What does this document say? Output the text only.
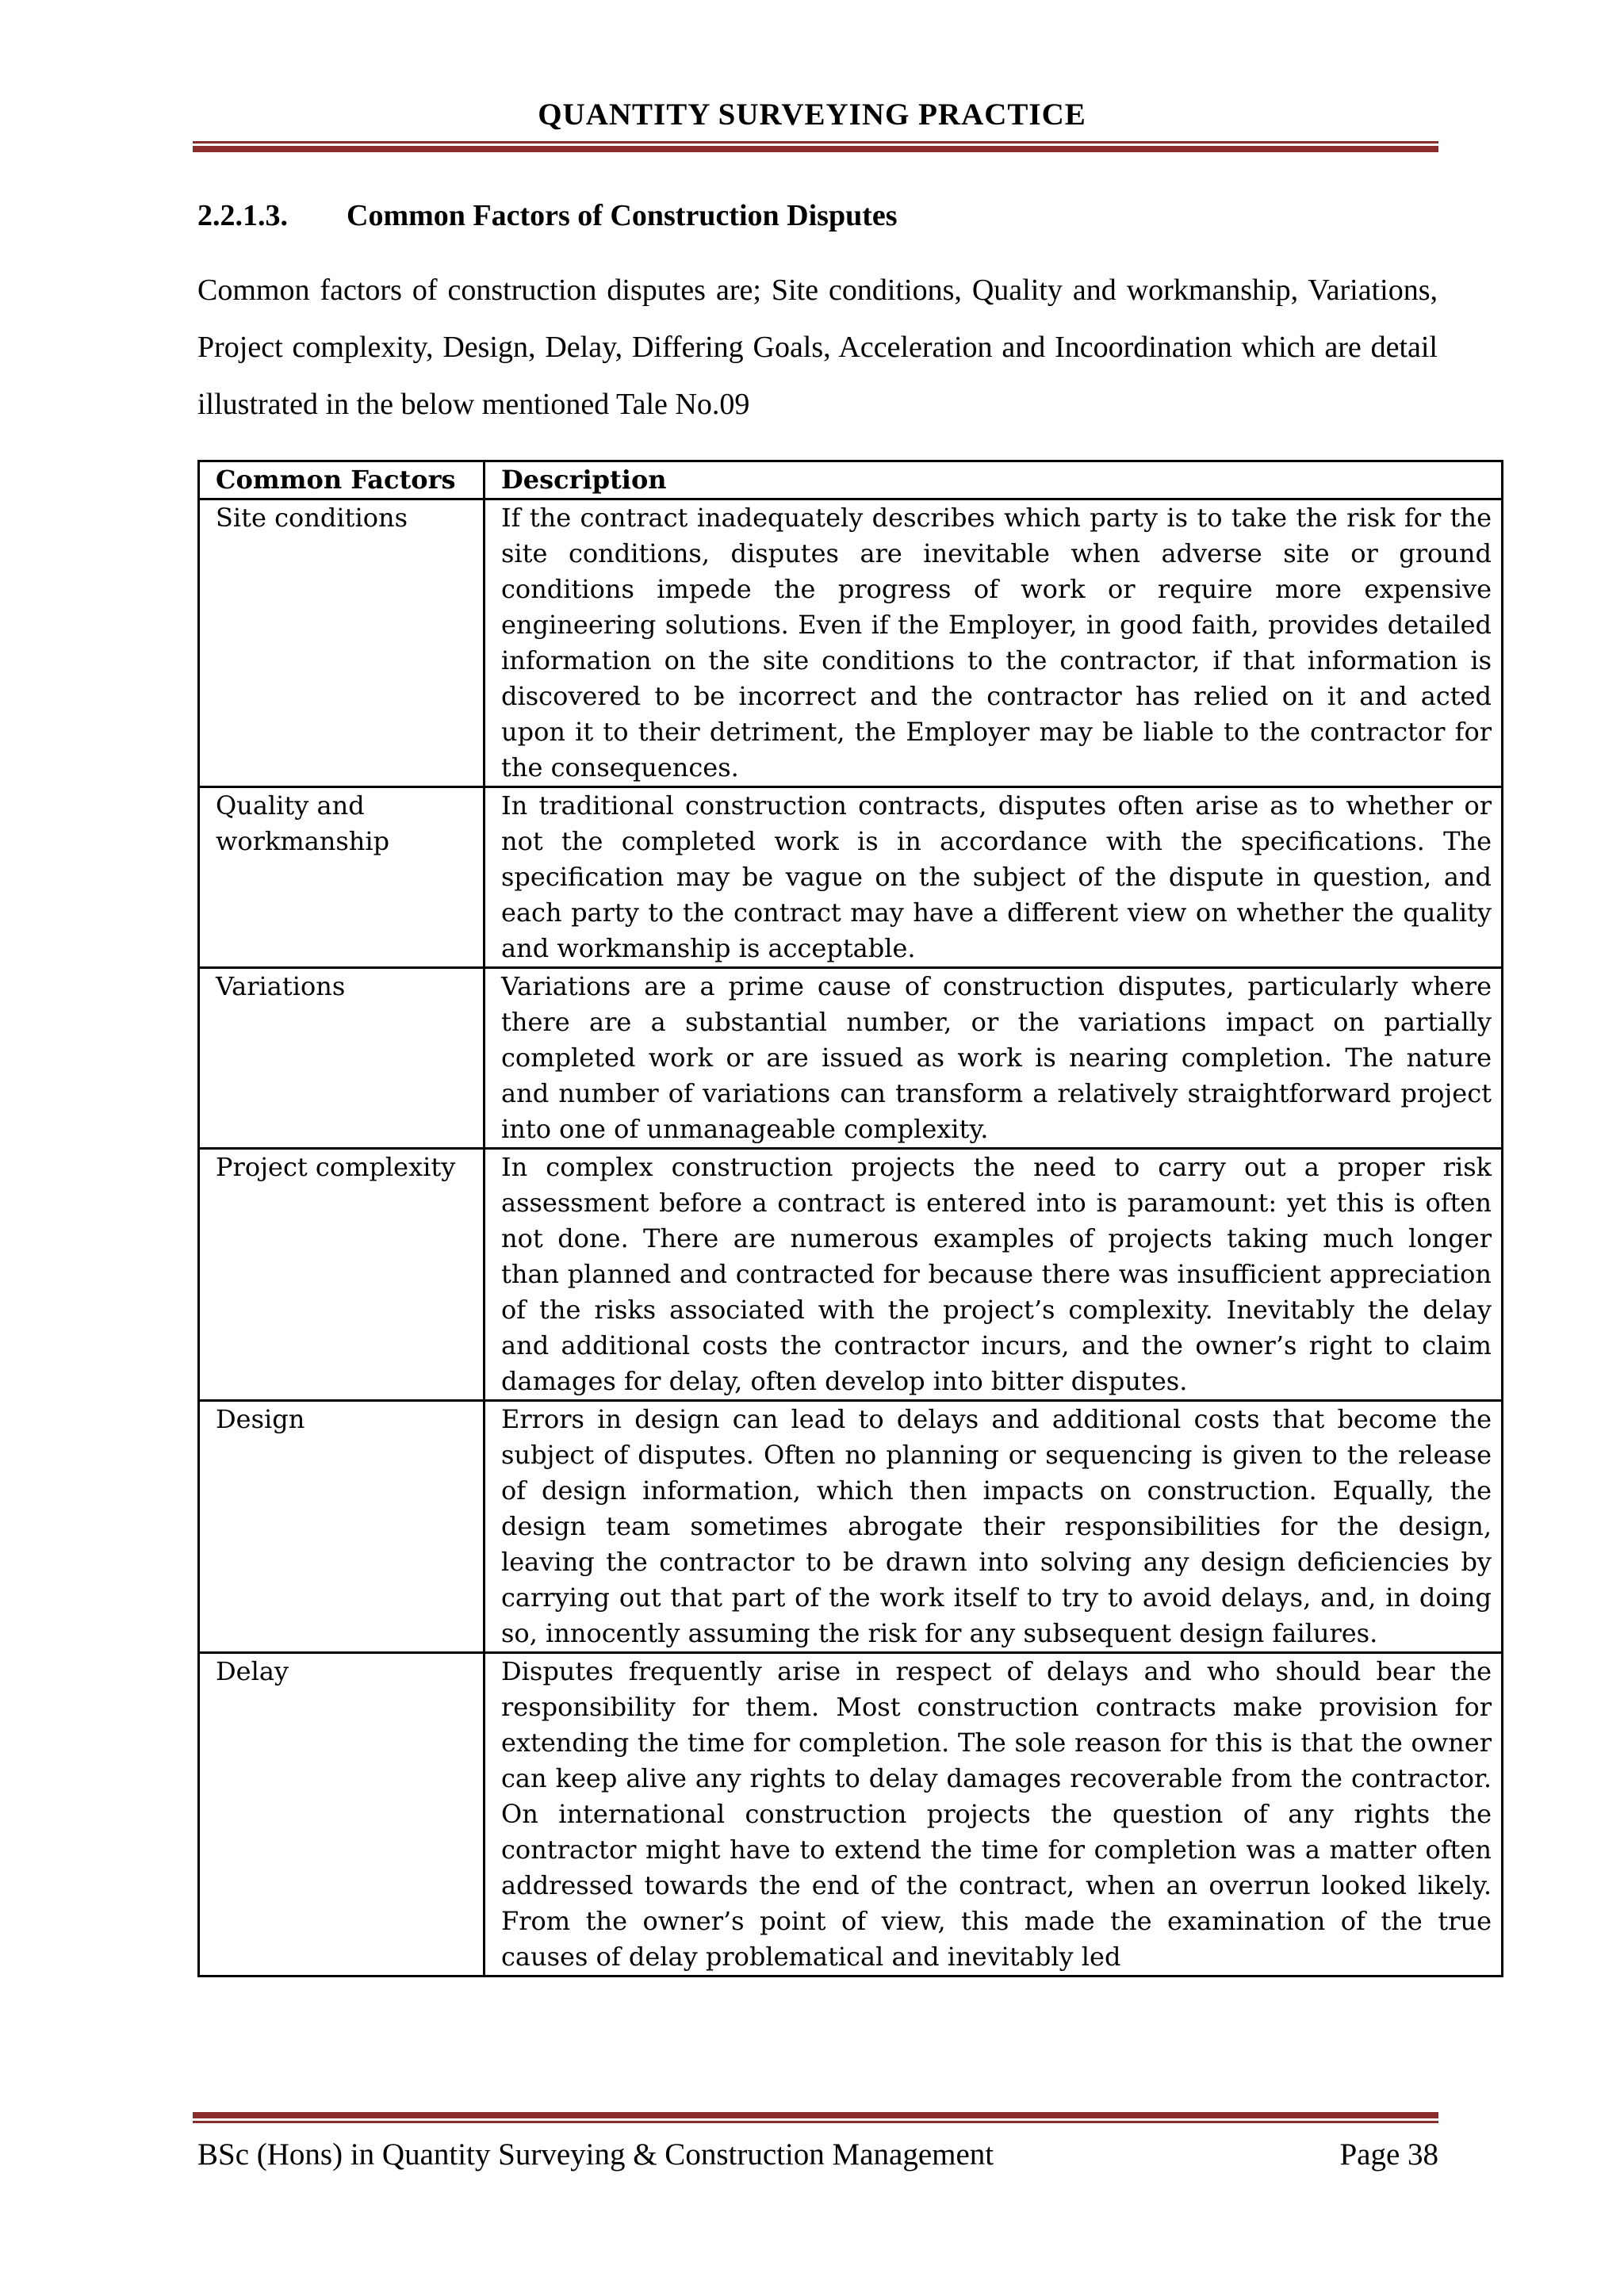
QUANTITY SURVEYING PRACTICE
2.2.1.3. Common Factors of Construction Disputes
Common factors of construction disputes are; Site conditions, Quality and workmanship, Variations, Project complexity, Design, Delay, Differing Goals, Acceleration and Incoordination which are detail illustrated in the below mentioned Tale No.09
Common Factors	Description
Site conditions	If the contract inadequately describes which party is to take the risk for the site conditions, disputes are inevitable when adverse site or ground conditions impede the progress of work or require more expensive engineering solutions. Even if the Employer, in good faith, provides detailed information on the site conditions to the contractor, if that information is discovered to be incorrect and the contractor has relied on it and acted upon it to their detriment, the Employer may be liable to the contractor for the consequences.
Quality and workmanship	In traditional construction contracts, disputes often arise as to whether or not the completed work is in accordance with the specifications. The specification may be vague on the subject of the dispute in question, and each party to the contract may have a different view on whether the quality and workmanship is acceptable.
Variations	Variations are a prime cause of construction disputes, particularly where there are a substantial number, or the variations impact on partially completed work or are issued as work is nearing completion. The nature and number of variations can transform a relatively straightforward project into one of unmanageable complexity.
Project complexity	In complex construction projects the need to carry out a proper risk assessment before a contract is entered into is paramount: yet this is often not done. There are numerous examples of projects taking much longer than planned and contracted for because there was insufficient appreciation of the risks associated with the project’s complexity. Inevitably the delay and additional costs the contractor incurs, and the owner’s right to claim damages for delay, often develop into bitter disputes.
Design	Errors in design can lead to delays and additional costs that become the subject of disputes. Often no planning or sequencing is given to the release of design information, which then impacts on construction. Equally, the design team sometimes abrogate their responsibilities for the design, leaving the contractor to be drawn into solving any design deficiencies by carrying out that part of the work itself to try to avoid delays, and, in doing so, innocently assuming the risk for any subsequent design failures.
Delay	Disputes frequently arise in respect of delays and who should bear the responsibility for them. Most construction contracts make provision for extending the time for completion. The sole reason for this is that the owner can keep alive any rights to delay damages recoverable from the contractor. On international construction projects the question of any rights the contractor might have to extend the time for completion was a matter often addressed towards the end of the contract, when an overrun looked likely. From the owner’s point of view, this made the examination of the true causes of delay problematical and inevitably led
BSc (Hons) in Quantity Surveying & Construction Management	Page 38
